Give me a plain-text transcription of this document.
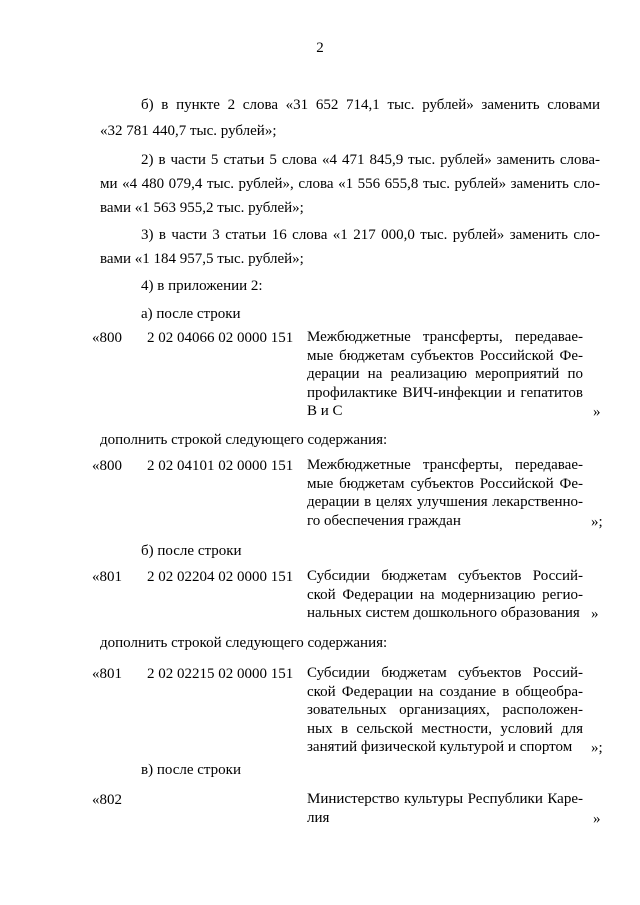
2
б) в пункте 2 слова «31 652 714,1 тыс. рублей» заменить словами
«32 781 440,7 тыс. рублей»;
2) в части 5 статьи 5 слова «4 471 845,9 тыс. рублей» заменить слова-
ми «4 480 079,4 тыс. рублей», слова «1 556 655,8 тыс. рублей» заменить сло-
вами «1 563 955,2 тыс. рублей»;
3) в части 3 статьи 16 слова «1 217 000,0 тыс. рублей» заменить сло-
вами «1 184 957,5 тыс. рублей»;
4) в приложении 2:
а) после строки
«800 2 02 04066 02 0000 151 Межбюджетные трансферты, передавае-
мые бюджетам субъектов Российской Фе-
дерации на реализацию мероприятий по
профилактике ВИЧ-инфекции и гепатитов
В и С	»
дополнить строкой следующего содержания:
«800 2 02 04101 02 0000 151 Межбюджетные трансферты, передавае-
мые бюджетам субъектов Российской Фе-
дерации в целях улучшения лекарственно-
го обеспечения граждан	»;
б) после строки
«801 2 02 02204 02 0000 151 Субсидии бюджетам субъектов Россий-
ской Федерации на модернизацию регио-
нальных систем дошкольного образования »
дополнить строкой следующего содержания:
«801 2 02 02215 02 0000 151 Субсидии бюджетам субъектов Россий-
ской Федерации на создание в общеобра-
зовательных организациях, расположен-
ных в сельской местности, условий для
занятий физической культурой и спортом	»;
в) после строки
«802	Министерство культуры Республики Каре-
лия	»
